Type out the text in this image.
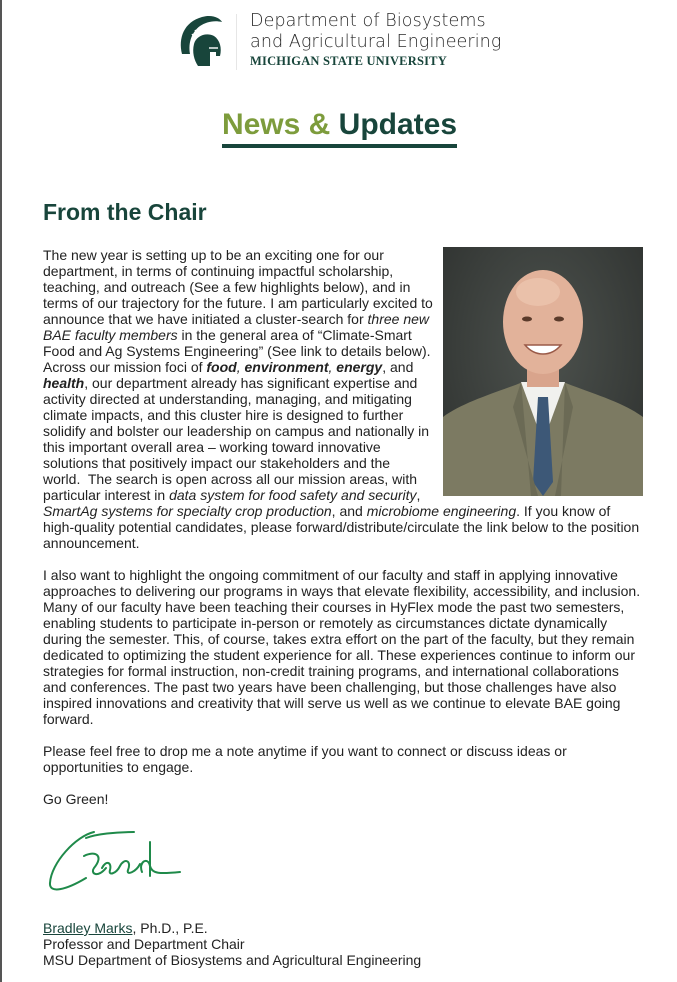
Department of Biosystems
and Agricultural Engineering
MICHIGAN STATE UNIVERSITY
News & Updates
From the Chair

The new year is setting up to be an exciting one for our department, in terms of continuing impactful scholarship, teaching, and outreach (See a few highlights below), and in terms of our trajectory for the future. I am particularly excited to announce that we have initiated a cluster-search for three new BAE faculty members in the general area of “Climate-Smart Food and Ag Systems Engineering” (See link to details below). Across our mission foci of food, environment, energy, and health, our department already has significant expertise and activity directed at understanding, managing, and mitigating climate impacts, and this cluster hire is designed to further solidify and bolster our leadership on campus and nationally in this important overall area – working toward innovative solutions that positively impact our stakeholders and the world.  The search is open across all our mission areas, with particular interest in data system for food safety and security, SmartAg systems for specialty crop production, and microbiome engineering. If you know of high-quality potential candidates, please forward/distribute/circulate the link below to the position announcement.

I also want to highlight the ongoing commitment of our faculty and staff in applying innovative approaches to delivering our programs in ways that elevate flexibility, accessibility, and inclusion. Many of our faculty have been teaching their courses in HyFlex mode the past two semesters, enabling students to participate in-person or remotely as circumstances dictate dynamically during the semester. This, of course, takes extra effort on the part of the faculty, but they remain dedicated to optimizing the student experience for all. These experiences continue to inform our strategies for formal instruction, non-credit training programs, and international collaborations and conferences. The past two years have been challenging, but those challenges have also inspired innovations and creativity that will serve us well as we continue to elevate BAE going forward.

Please feel free to drop me a note anytime if you want to connect or discuss ideas or opportunities to engage.

Go Green!

Bradley Marks, Ph.D., P.E.
Professor and Department Chair
MSU Department of Biosystems and Agricultural Engineering
